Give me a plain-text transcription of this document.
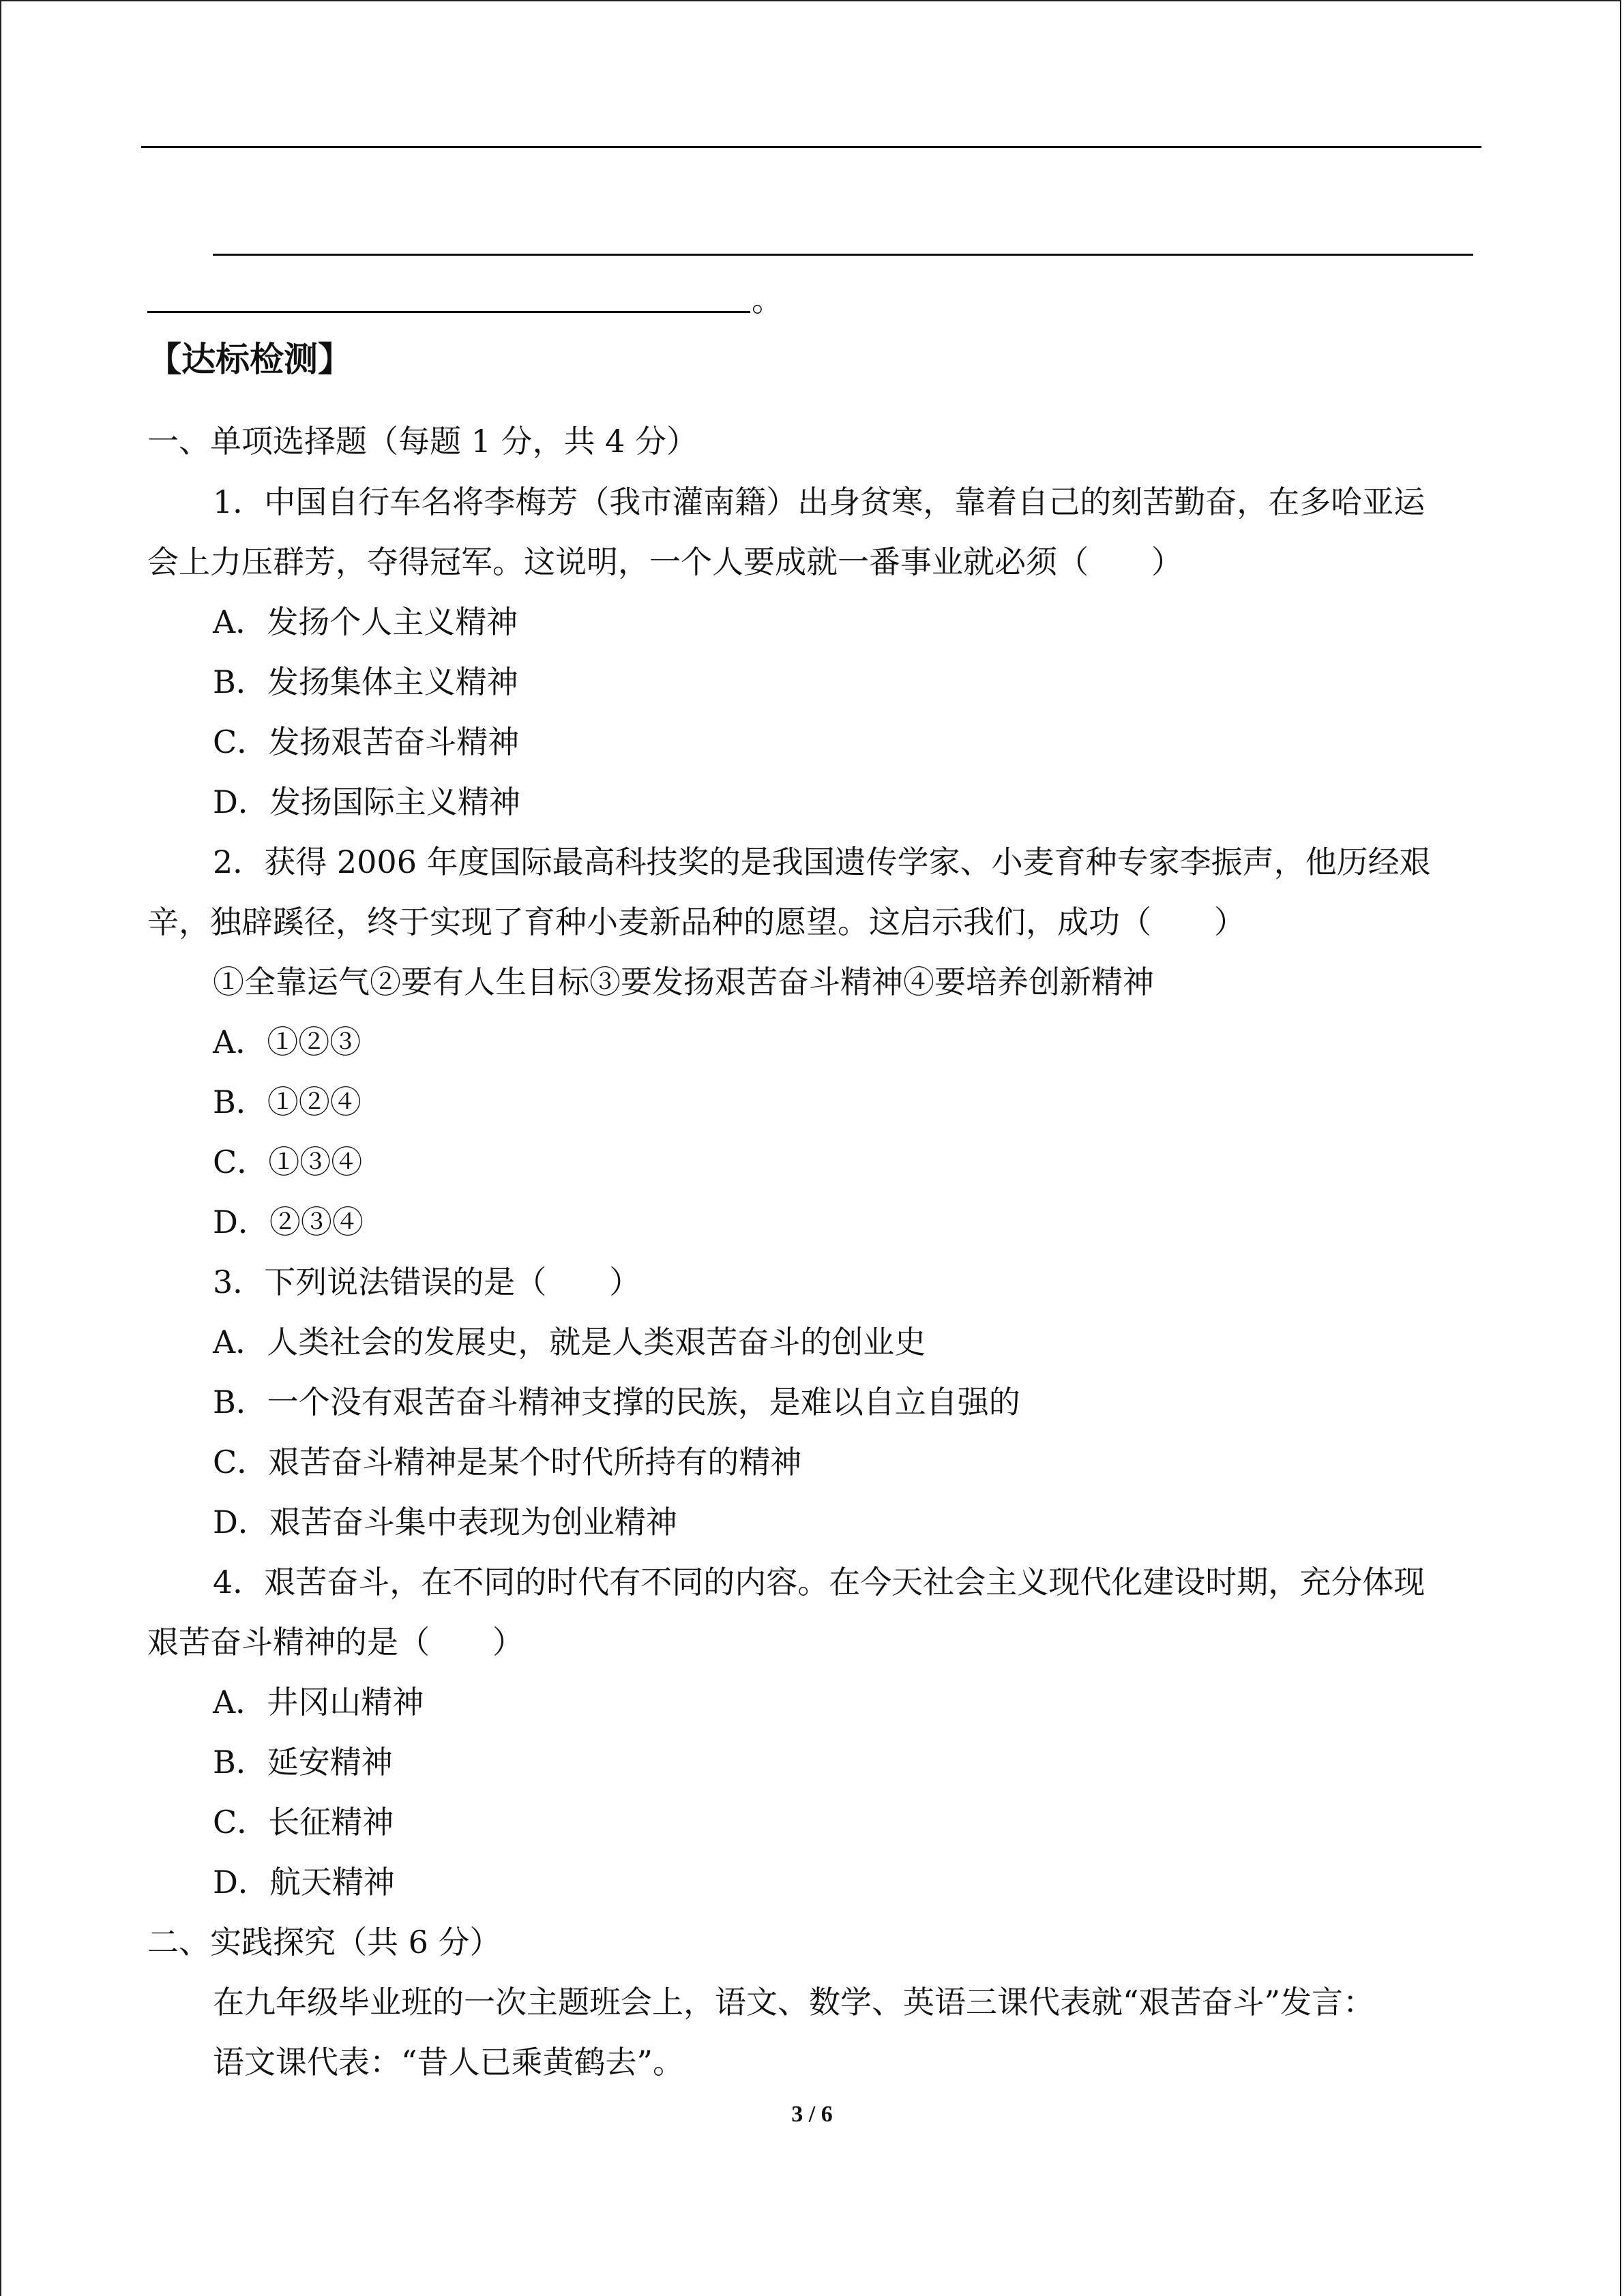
。
【达标检测】
一、单项选择题（每题 1 分，共 4 分）
1．中国自行车名将李梅芳（我市灌南籍）出身贫寒，靠着自己的刻苦勤奋，在多哈亚运
会上力压群芳，夺得冠军。这说明，一个人要成就一番事业就必须（　　）
A．发扬个人主义精神
B．发扬集体主义精神
C．发扬艰苦奋斗精神
D．发扬国际主义精神
2．获得 2006 年度国际最高科技奖的是我国遗传学家、小麦育种专家李振声，他历经艰
辛，独辟蹊径，终于实现了育种小麦新品种的愿望。这启示我们，成功（　　）
①全靠运气②要有人生目标③要发扬艰苦奋斗精神④要培养创新精神
A．①②③
B．①②④
C．①③④
D．②③④
3．下列说法错误的是（　　）
A．人类社会的发展史，就是人类艰苦奋斗的创业史
B．一个没有艰苦奋斗精神支撑的民族，是难以自立自强的
C．艰苦奋斗精神是某个时代所持有的精神
D．艰苦奋斗集中表现为创业精神
4．艰苦奋斗，在不同的时代有不同的内容。在今天社会主义现代化建设时期，充分体现
艰苦奋斗精神的是（　　）
A．井冈山精神
B．延安精神
C．长征精神
D．航天精神
二、实践探究（共 6 分）
在九年级毕业班的一次主题班会上，语文、数学、英语三课代表就“艰苦奋斗”发言：
语文课代表：“昔人已乘黄鹤去”。
3 / 6
